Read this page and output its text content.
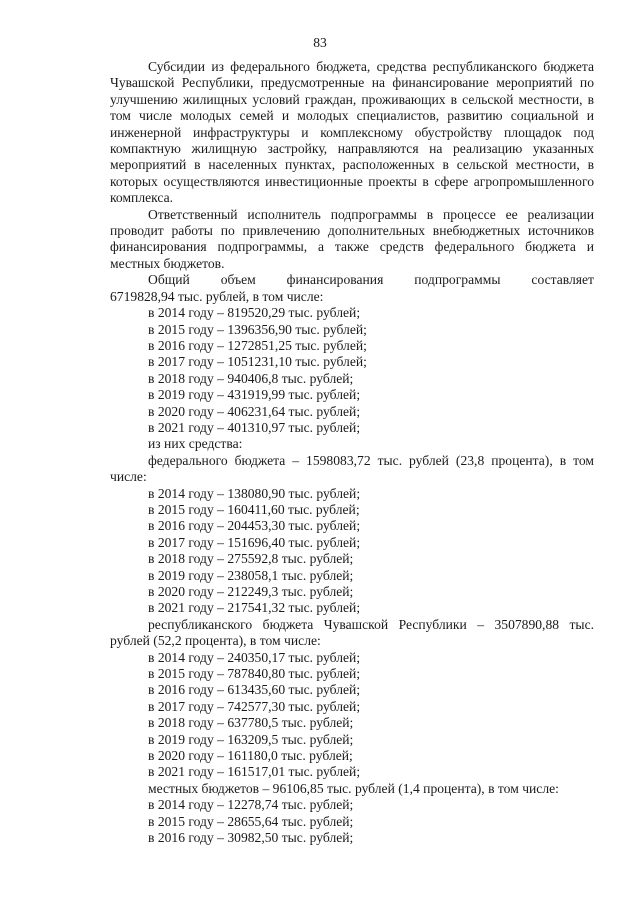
83

Субсидии из федерального бюджета, средства республиканского бюджета Чувашской Республики, предусмотренные на финансирование мероприятий по улучшению жилищных условий граждан, проживающих в сельской местности, в том числе молодых семей и молодых специалистов, развитию социальной и инженерной инфраструктуры и комплексному обустройству площадок под компактную жилищную застройку, направляются на реализацию указанных мероприятий в населенных пунктах, расположенных в сельской местности, в которых осуществляются инвестиционные проекты в сфере агропромышленного комплекса.

Ответственный исполнитель подпрограммы в процессе ее реализации проводит работы по привлечению дополнительных внебюджетных источников финансирования подпрограммы, а также средств федерального бюджета и местных бюджетов.

Общий объем финансирования подпрограммы составляет

6719828,94 тыс. рублей, в том числе:

в 2014 году – 819520,29 тыс. рублей;

в 2015 году – 1396356,90 тыс. рублей;

в 2016 году – 1272851,25 тыс. рублей;

в 2017 году – 1051231,10 тыс. рублей;

в 2018 году – 940406,8 тыс. рублей;

в 2019 году – 431919,99 тыс. рублей;

в 2020 году – 406231,64 тыс. рублей;

в 2021 году – 401310,97 тыс. рублей;

из них средства:

федерального бюджета – 1598083,72 тыс. рублей (23,8 процента), в том числе:

в 2014 году – 138080,90 тыс. рублей;

в 2015 году – 160411,60 тыс. рублей;

в 2016 году – 204453,30 тыс. рублей;

в 2017 году – 151696,40 тыс. рублей;

в 2018 году – 275592,8 тыс. рублей;

в 2019 году – 238058,1 тыс. рублей;

в 2020 году – 212249,3 тыс. рублей;

в 2021 году – 217541,32 тыс. рублей;

республиканского бюджета Чувашской Республики – 3507890,88 тыс. рублей (52,2 процента), в том числе:

в 2014 году – 240350,17 тыс. рублей;

в 2015 году – 787840,80 тыс. рублей;

в 2016 году – 613435,60 тыс. рублей;

в 2017 году – 742577,30 тыс. рублей;

в 2018 году – 637780,5 тыс. рублей;

в 2019 году – 163209,5 тыс. рублей;

в 2020 году – 161180,0 тыс. рублей;

в 2021 году – 161517,01 тыс. рублей;

местных бюджетов – 96106,85 тыс. рублей (1,4 процента), в том числе:

в 2014 году – 12278,74 тыс. рублей;

в 2015 году – 28655,64 тыс. рублей;

в 2016 году – 30982,50 тыс. рублей;
